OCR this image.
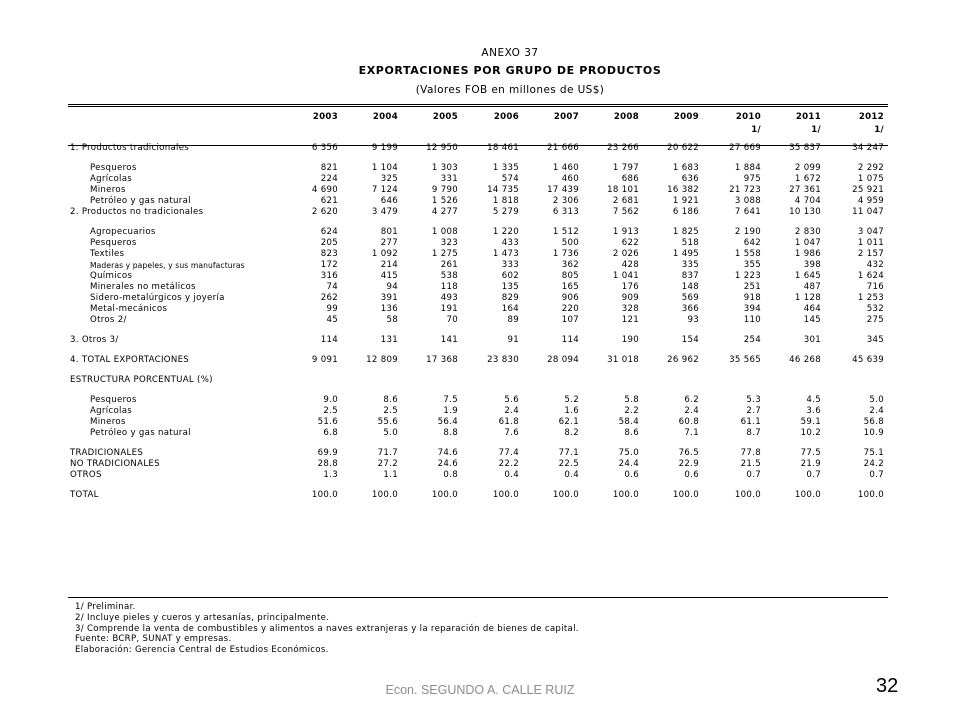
ANEXO 37
EXPORTACIONES POR GRUPO DE PRODUCTOS
(Valores FOB en millones de US$)
	2003	2004	2005	2006	2007	2008	2009	2010	2011	2012
								1/	1/	1/

1. Productos tradicionales	6 356	9 199	12 950	18 461	21 666	23 266	20 622	27 669	35 837	34 247

Pesqueros	821	1 104	1 303	1 335	1 460	1 797	1 683	1 884	2 099	2 292
Agrícolas	224	325	331	574	460	686	636	975	1 672	1 075
Mineros	4 690	7 124	9 790	14 735	17 439	18 101	16 382	21 723	27 361	25 921
Petróleo y gas natural	621	646	1 526	1 818	2 306	2 681	1 921	3 088	4 704	4 959
2. Productos no tradicionales	2 620	3 479	4 277	5 279	6 313	7 562	6 186	7 641	10 130	11 047

Agropecuarios	624	801	1 008	1 220	1 512	1 913	1 825	2 190	2 830	3 047
Pesqueros	205	277	323	433	500	622	518	642	1 047	1 011
Textiles	823	1 092	1 275	1 473	1 736	2 026	1 495	1 558	1 986	2 157
Maderas y papeles, y sus manufacturas	172	214	261	333	362	428	335	355	398	432
Químicos	316	415	538	602	805	1 041	837	1 223	1 645	1 624
Minerales no metálicos	74	94	118	135	165	176	148	251	487	716
Sidero-metalúrgicos y joyería	262	391	493	829	906	909	569	918	1 128	1 253
Metal-mecánicos	99	136	191	164	220	328	366	394	464	532
Otros 2/	45	58	70	89	107	121	93	110	145	275

3. Otros 3/	114	131	141	91	114	190	154	254	301	345

4. TOTAL EXPORTACIONES	9 091	12 809	17 368	23 830	28 094	31 018	26 962	35 565	46 268	45 639

ESTRUCTURA PORCENTUAL (%)										

Pesqueros	9.0	8.6	7.5	5.6	5.2	5.8	6.2	5.3	4.5	5.0
Agrícolas	2.5	2.5	1.9	2.4	1.6	2.2	2.4	2.7	3.6	2.4
Mineros	51.6	55.6	56.4	61.8	62.1	58.4	60.8	61.1	59.1	56.8
Petróleo y gas natural	6.8	5.0	8.8	7.6	8.2	8.6	7.1	8.7	10.2	10.9

TRADICIONALES	69.9	71.7	74.6	77.4	77.1	75.0	76.5	77.8	77.5	75.1
NO TRADICIONALES	28.8	27.2	24.6	22.2	22.5	24.4	22.9	21.5	21.9	24.2
OTROS	1.3	1.1	0.8	0.4	0.4	0.6	0.6	0.7	0.7	0.7

TOTAL	100.0	100.0	100.0	100.0	100.0	100.0	100.0	100.0	100.0	100.0
1/ Preliminar.
2/ Incluye pieles y cueros y artesanías, principalmente.
3/ Comprende la venta de combustibles y alimentos a naves extranjeras y la reparación de bienes de capital.
Fuente: BCRP, SUNAT y empresas.
Elaboración: Gerencia Central de Estudios Económicos.
Econ. SEGUNDO A. CALLE RUIZ	32
